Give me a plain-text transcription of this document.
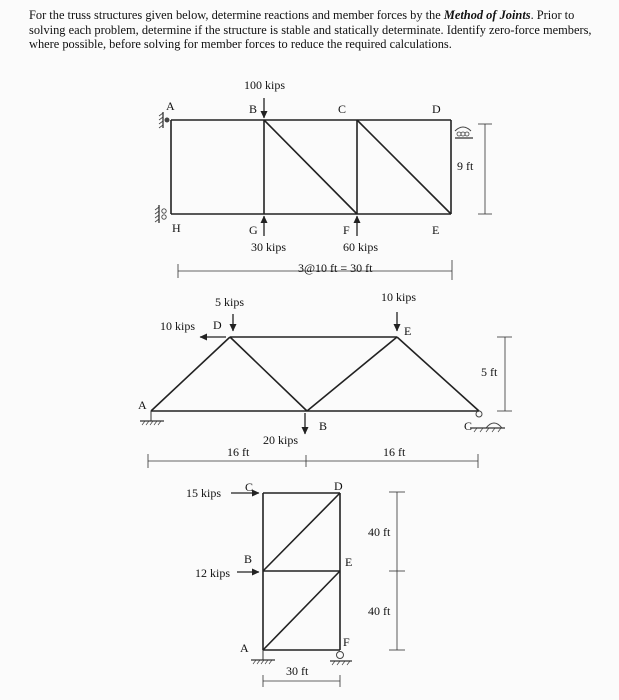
For the truss structures given below, determine reactions and member forces by the Method of Joints. Prior to solving each problem, determine if the structure is stable and statically determinate. Identify zero-force members, where possible, before solving for member forces to reduce the required calculations.

A	B	C	D
E
F
G
H
100 kips
30 kips	60 kips
9 ft
3@10 ft = 30 ft
A
B	C
D	E
5 kips
10 kips
10 kips
20 kips
16 ft	16 ft
5 ft
C	D
B	E
A	F
15 kips
12 kips
40 ft
40 ft
30 ft
